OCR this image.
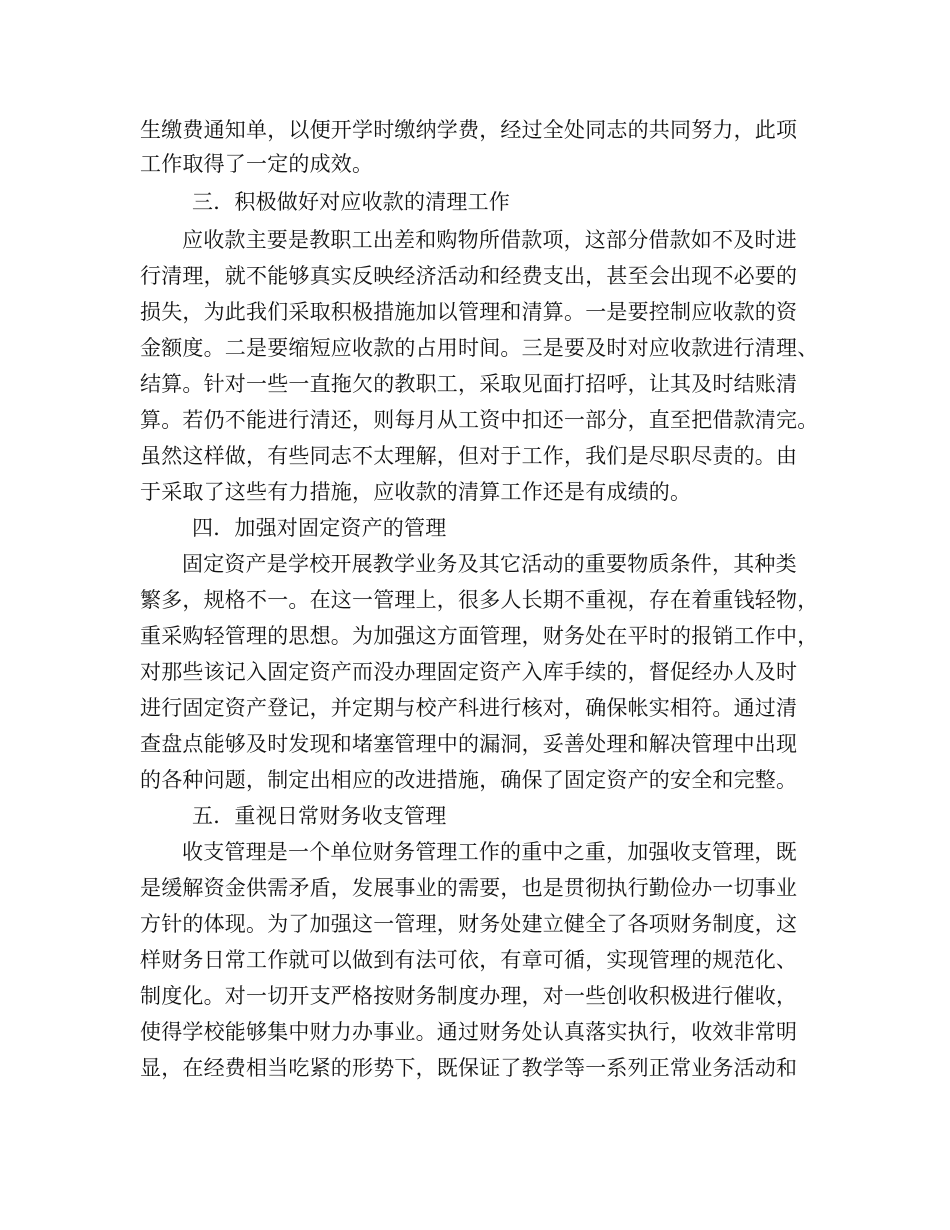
生缴费通知单，以便开学时缴纳学费，经过全处同志的共同努力，此项
工作取得了一定的成效。
三．积极做好对应收款的清理工作
应收款主要是教职工出差和购物所借款项，这部分借款如不及时进
行清理，就不能够真实反映经济活动和经费支出，甚至会出现不必要的
损失，为此我们采取积极措施加以管理和清算。一是要控制应收款的资
金额度。二是要缩短应收款的占用时间。三是要及时对应收款进行清理、
结算。针对一些一直拖欠的教职工，采取见面打招呼，让其及时结账清
算。若仍不能进行清还，则每月从工资中扣还一部分，直至把借款清完。
虽然这样做，有些同志不太理解，但对于工作，我们是尽职尽责的。由
于采取了这些有力措施，应收款的清算工作还是有成绩的。
四．加强对固定资产的管理
固定资产是学校开展教学业务及其它活动的重要物质条件，其种类
繁多，规格不一。在这一管理上，很多人长期不重视，存在着重钱轻物，
重采购轻管理的思想。为加强这方面管理，财务处在平时的报销工作中，
对那些该记入固定资产而没办理固定资产入库手续的，督促经办人及时
进行固定资产登记，并定期与校产科进行核对，确保帐实相符。通过清
查盘点能够及时发现和堵塞管理中的漏洞，妥善处理和解决管理中出现
的各种问题，制定出相应的改进措施，确保了固定资产的安全和完整。
五．重视日常财务收支管理
收支管理是一个单位财务管理工作的重中之重，加强收支管理，既
是缓解资金供需矛盾，发展事业的需要，也是贯彻执行勤俭办一切事业
方针的体现。为了加强这一管理，财务处建立健全了各项财务制度，这
样财务日常工作就可以做到有法可依，有章可循，实现管理的规范化、
制度化。对一切开支严格按财务制度办理，对一些创收积极进行催收，
使得学校能够集中财力办事业。通过财务处认真落实执行，收效非常明
显，在经费相当吃紧的形势下，既保证了教学等一系列正常业务活动和
